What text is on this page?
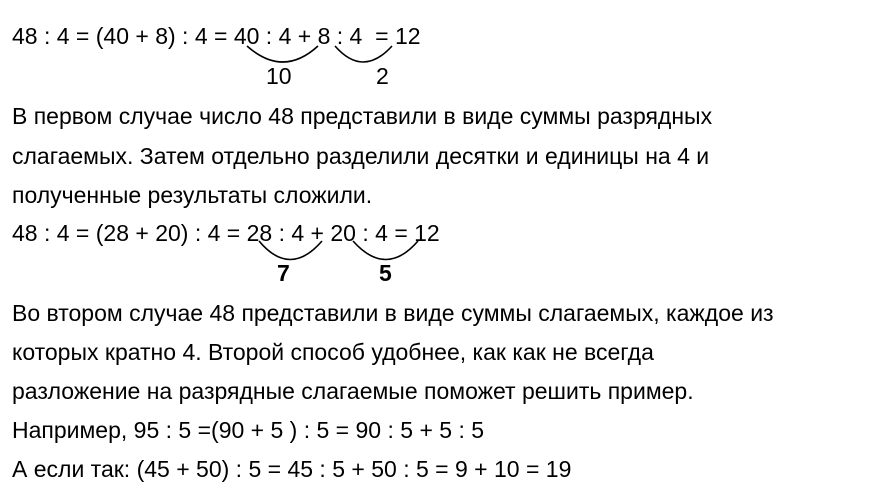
48 : 4 = (40 + 8) : 4 = 40 : 4 + 8 : 4  = 12
10	2
В первом случае число 48 представили в виде суммы разрядных
слагаемых. Затем отдельно разделили десятки и единицы на 4 и
полученные результаты сложили.
48 : 4 = (28 + 20) : 4 = 28 : 4 + 20 : 4 = 12
7	5
Во втором случае 48 представили в виде суммы слагаемых, каждое из
которых кратно 4. Второй способ удобнее, как как не всегда
разложение на разрядные слагаемые поможет решить пример.
Например, 95 : 5 =(90 + 5 ) : 5 = 90 : 5 + 5 : 5
А если так: (45 + 50) : 5 = 45 : 5 + 50 : 5 = 9 + 10 = 19
